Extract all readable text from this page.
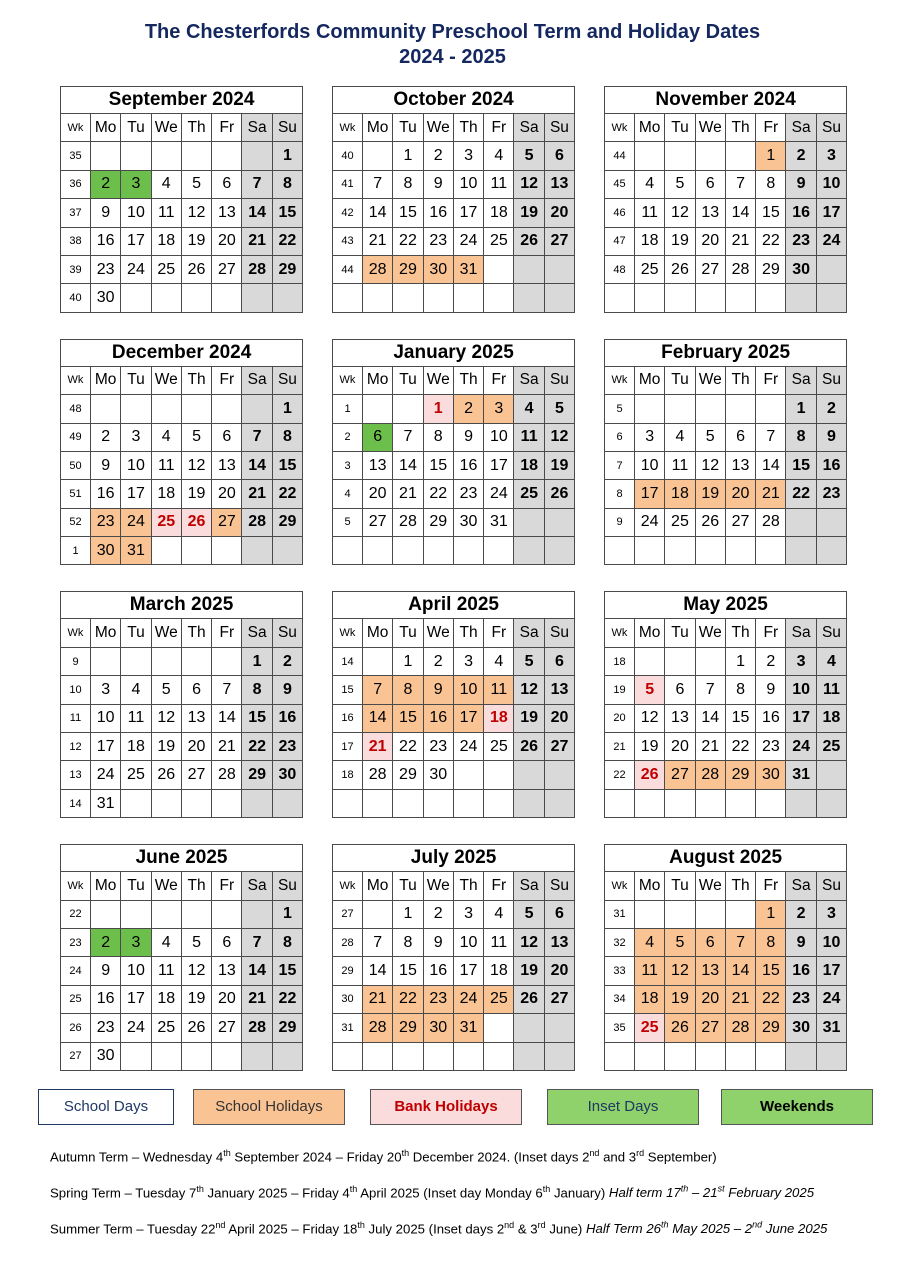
The Chesterfords Community Preschool Term and Holiday Dates
2024 - 2025
September 2024							
Wk	Mo	Tu	We	Th	Fr	Sa	Su
35							1
36	2	3	4	5	6	7	8
37	9	10	11	12	13	14	15
38	16	17	18	19	20	21	22
39	23	24	25	26	27	28	29
40	30						
October 2024							
Wk	Mo	Tu	We	Th	Fr	Sa	Su
40		1	2	3	4	5	6
41	7	8	9	10	11	12	13
42	14	15	16	17	18	19	20
43	21	22	23	24	25	26	27
44	28	29	30	31			

November 2024							
Wk	Mo	Tu	We	Th	Fr	Sa	Su
44					1	2	3
45	4	5	6	7	8	9	10
46	11	12	13	14	15	16	17
47	18	19	20	21	22	23	24
48	25	26	27	28	29	30	

December 2024							
Wk	Mo	Tu	We	Th	Fr	Sa	Su
48							1
49	2	3	4	5	6	7	8
50	9	10	11	12	13	14	15
51	16	17	18	19	20	21	22
52	23	24	25	26	27	28	29
1	30	31					
January 2025							
Wk	Mo	Tu	We	Th	Fr	Sa	Su
1			1	2	3	4	5
2	6	7	8	9	10	11	12
3	13	14	15	16	17	18	19
4	20	21	22	23	24	25	26
5	27	28	29	30	31		

February 2025							
Wk	Mo	Tu	We	Th	Fr	Sa	Su
5						1	2
6	3	4	5	6	7	8	9
7	10	11	12	13	14	15	16
8	17	18	19	20	21	22	23
9	24	25	26	27	28		

March 2025							
Wk	Mo	Tu	We	Th	Fr	Sa	Su
9						1	2
10	3	4	5	6	7	8	9
11	10	11	12	13	14	15	16
12	17	18	19	20	21	22	23
13	24	25	26	27	28	29	30
14	31						
April 2025							
Wk	Mo	Tu	We	Th	Fr	Sa	Su
14		1	2	3	4	5	6
15	7	8	9	10	11	12	13
16	14	15	16	17	18	19	20
17	21	22	23	24	25	26	27
18	28	29	30				

May 2025							
Wk	Mo	Tu	We	Th	Fr	Sa	Su
18				1	2	3	4
19	5	6	7	8	9	10	11
20	12	13	14	15	16	17	18
21	19	20	21	22	23	24	25
22	26	27	28	29	30	31	

June 2025							
Wk	Mo	Tu	We	Th	Fr	Sa	Su
22							1
23	2	3	4	5	6	7	8
24	9	10	11	12	13	14	15
25	16	17	18	19	20	21	22
26	23	24	25	26	27	28	29
27	30						
July 2025							
Wk	Mo	Tu	We	Th	Fr	Sa	Su
27		1	2	3	4	5	6
28	7	8	9	10	11	12	13
29	14	15	16	17	18	19	20
30	21	22	23	24	25	26	27
31	28	29	30	31			

August 2025							
Wk	Mo	Tu	We	Th	Fr	Sa	Su
31					1	2	3
32	4	5	6	7	8	9	10
33	11	12	13	14	15	16	17
34	18	19	20	21	22	23	24
35	25	26	27	28	29	30	31

School Days	School Holidays	Bank Holidays	Inset Days	Weekends

Autumn Term – Wednesday 4th September 2024 – Friday 20th December 2024. (Inset days 2nd and 3rd September)

Spring Term – Tuesday 7th January 2025 – Friday 4th April 2025 (Inset day Monday 6th January) Half term 17th – 21st February 2025

Summer Term – Tuesday 22nd April 2025 – Friday 18th July 2025 (Inset days 2nd & 3rd June) Half Term 26th May 2025 – 2nd June 2025
